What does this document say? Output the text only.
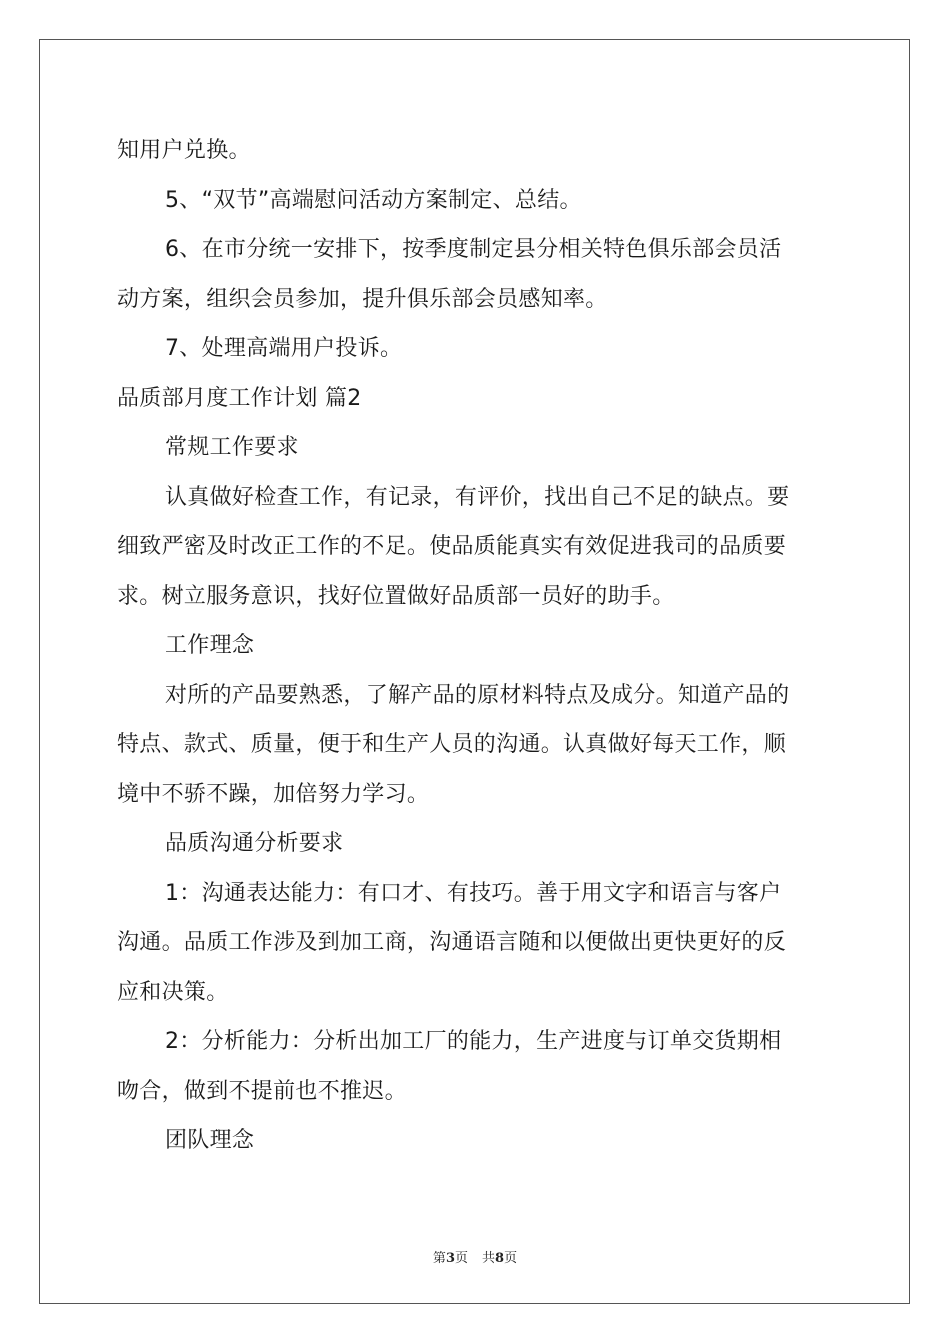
知用户兑换。
5、“双节”高端慰问活动方案制定、总结。
6、在市分统一安排下，按季度制定县分相关特色俱乐部会员活
动方案，组织会员参加，提升俱乐部会员感知率。
7、处理高端用户投诉。
品质部月度工作计划 篇2
常规工作要求
认真做好检查工作，有记录，有评价，找出自己不足的缺点。要
细致严密及时改正工作的不足。使品质能真实有效促进我司的品质要
求。树立服务意识，找好位置做好品质部一员好的助手。
工作理念
对所的产品要熟悉，了解产品的原材料特点及成分。知道产品的
特点、款式、质量，便于和生产人员的沟通。认真做好每天工作，顺
境中不骄不躁，加倍努力学习。
品质沟通分析要求
1：沟通表达能力：有口才、有技巧。善于用文字和语言与客户
沟通。品质工作涉及到加工商，沟通语言随和以便做出更快更好的反
应和决策。
2：分析能力：分析出加工厂的能力，生产进度与订单交货期相
吻合，做到不提前也不推迟。
团队理念
第3页 共8页
